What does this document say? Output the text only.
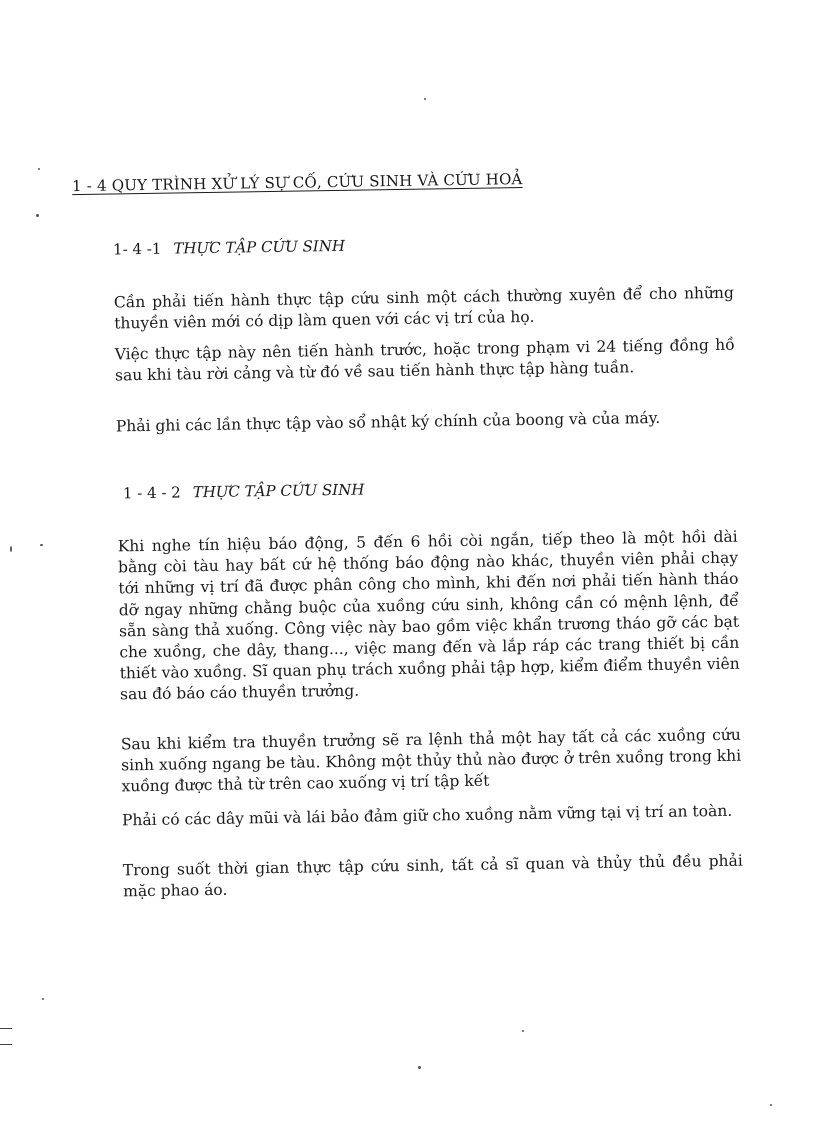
1 - 4 QUY TRÌNH XỬ LÝ SỰ CỐ, CỨU SINH VÀ CỨU HOẢ
1- 4 -1 THỰC TẬP CỨU SINH

Cần phải tiến hành thực tập cứu sinh một cách thường xuyên để cho những thuyền viên mới có dịp làm quen với các vị trí của họ.

Việc thực tập này nên tiến hành trước, hoặc trong phạm vi 24 tiếng đồng hồ sau khi tàu rời cảng và từ đó về sau tiến hành thực tập hàng tuần.

Phải ghi các lần thực tập vào sổ nhật ký chính của boong và của máy.

1 - 4 - 2 THỰC TẬP CỨU SINH

Khi nghe tín hiệu báo động, 5 đến 6 hồi còi ngắn, tiếp theo là một hồi dài bằng còi tàu hay bất cứ hệ thống báo động nào khác, thuyền viên phải chạy tới những vị trí đã được phân công cho mình, khi đến nơi phải tiến hành tháo dỡ ngay những chằng buộc của xuồng cứu sinh, không cần có mệnh lệnh, để sẵn sàng thả xuống. Công việc này bao gồm việc khẩn trương tháo gỡ các bạt che xuồng, che dây, thang..., việc mang đến và lắp ráp các trang thiết bị cần thiết vào xuồng. Sĩ quan phụ trách xuồng phải tập hợp, kiểm điểm thuyền viên sau đó báo cáo thuyền trưởng.

Sau khi kiểm tra thuyền trưởng sẽ ra lệnh thả một hay tất cả các xuồng cứu sinh xuống ngang be tàu. Không một thủy thủ nào được ở trên xuồng trong khi xuồng được thả từ trên cao xuống vị trí tập kết

Phải có các dây mũi và lái bảo đảm giữ cho xuồng nằm vững tại vị trí an toàn.

Trong suốt thời gian thực tập cứu sinh, tất cả sĩ quan và thủy thủ đều phải mặc phao áo.
